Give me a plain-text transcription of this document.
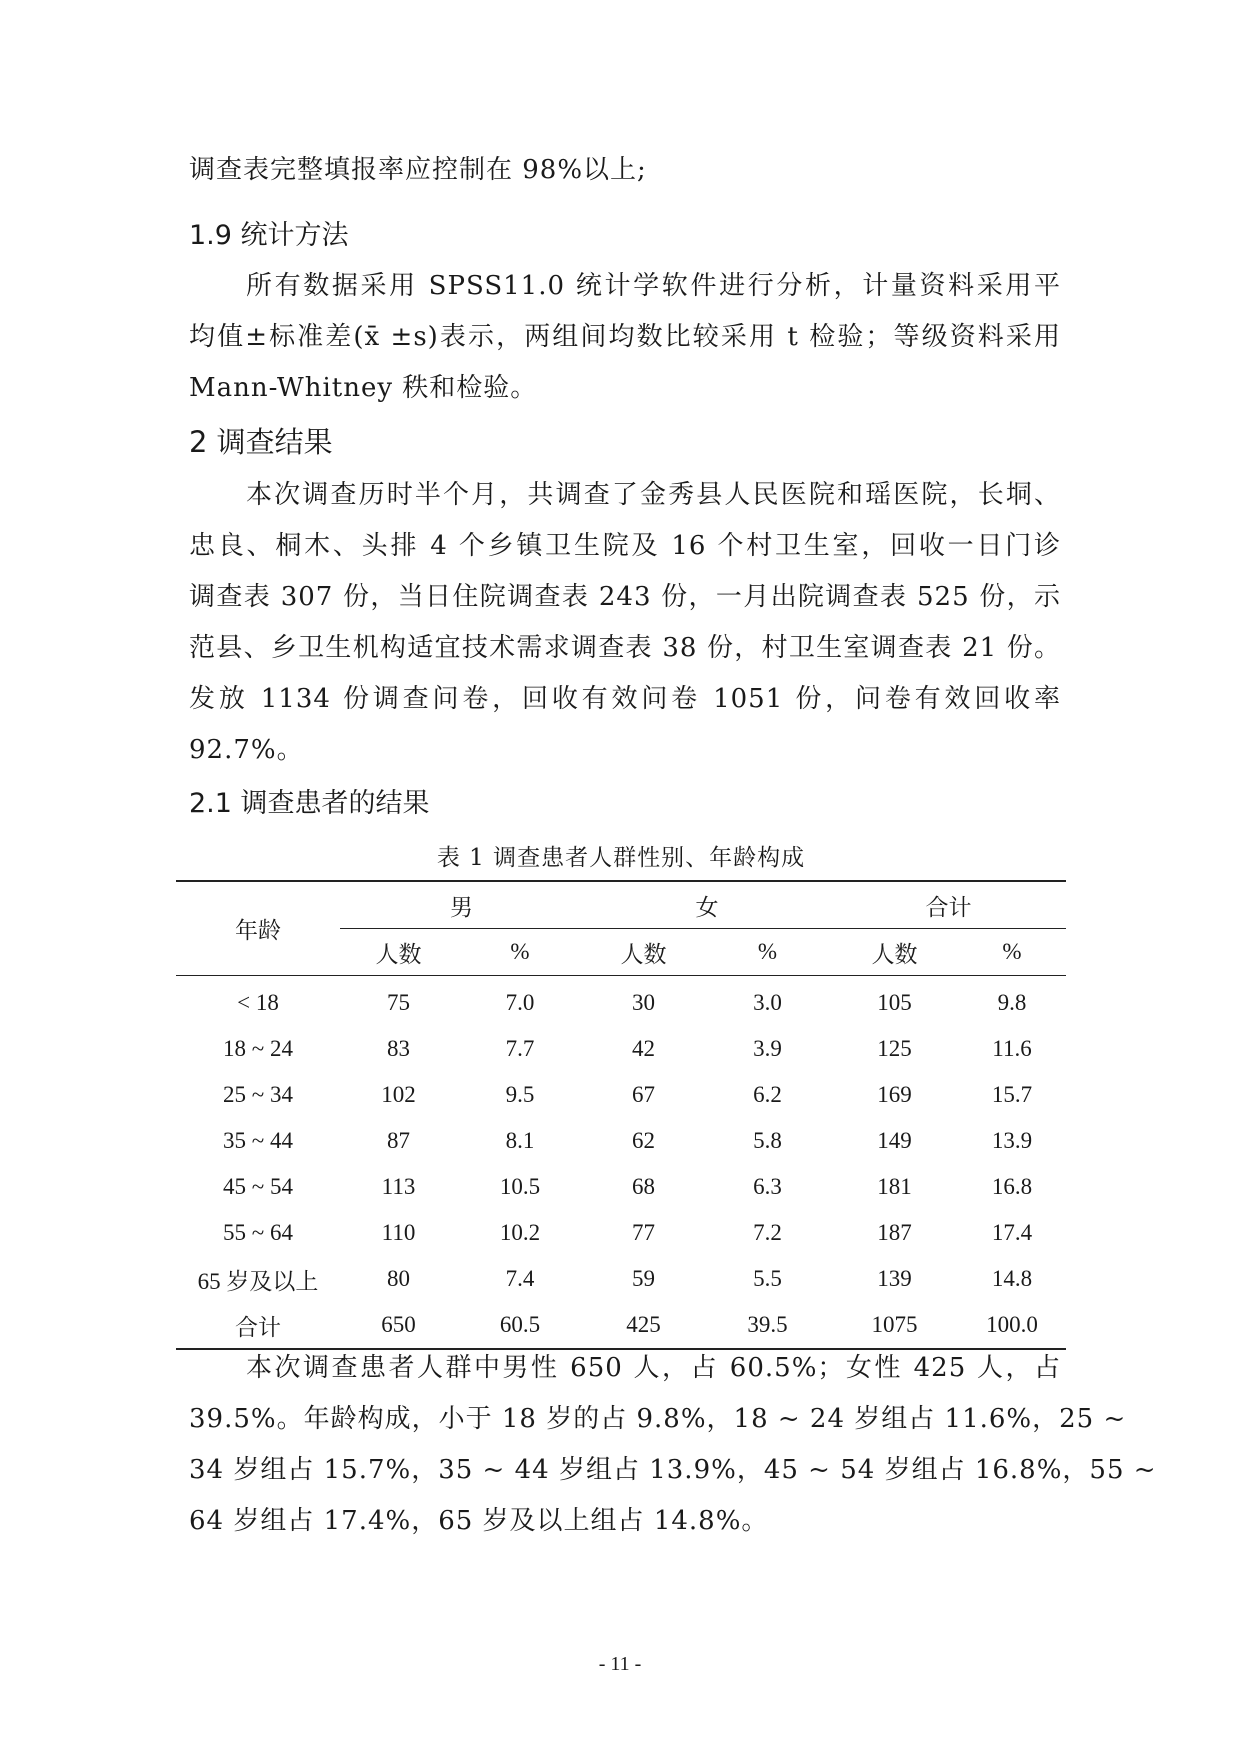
调查表完整填报率应控制在 98%以上;
1.9 统计方法
所有数据采用 SPSS11.0 统计学软件进行分析，计量资料采用平
均值±标准差(x̄ ±s)表示，两组间均数比较采用 t 检验；等级资料采用
Mann-Whitney 秩和检验。
2 调查结果
本次调查历时半个月，共调查了金秀县人民医院和瑶医院，长垌、
忠良、桐木、头排 4 个乡镇卫生院及 16 个村卫生室，回收一日门诊
调查表 307 份，当日住院调查表 243 份，一月出院调查表 525 份，示
范县、乡卫生机构适宜技术需求调查表 38 份，村卫生室调查表 21 份。
发放 1134 份调查问卷，回收有效问卷 1051 份，问卷有效回收率
92.7%。
2.1 调查患者的结果
表 1 调查患者人群性别、年龄构成
年龄	男		女		合计	
	人数	%	人数	%	人数	%
< 18	75	7.0	30	3.0	105	9.8
18 ~ 24	83	7.7	42	3.9	125	11.6
25 ~ 34	102	9.5	67	6.2	169	15.7
35 ~ 44	87	8.1	62	5.8	149	13.9
45 ~ 54	113	10.5	68	6.3	181	16.8
55 ~ 64	110	10.2	77	7.2	187	17.4
65 岁及以上	80	7.4	59	5.5	139	14.8
合计	650	60.5	425	39.5	1075	100.0
本次调查患者人群中男性 650 人，占 60.5%；女性 425 人，占
39.5%。年龄构成，小于 18 岁的占 9.8%，18 ~ 24 岁组占 11.6%，25 ~
34 岁组占 15.7%，35 ~ 44 岁组占 13.9%，45 ~ 54 岁组占 16.8%，55 ~
64 岁组占 17.4%，65 岁及以上组占 14.8%。
- 11 -
